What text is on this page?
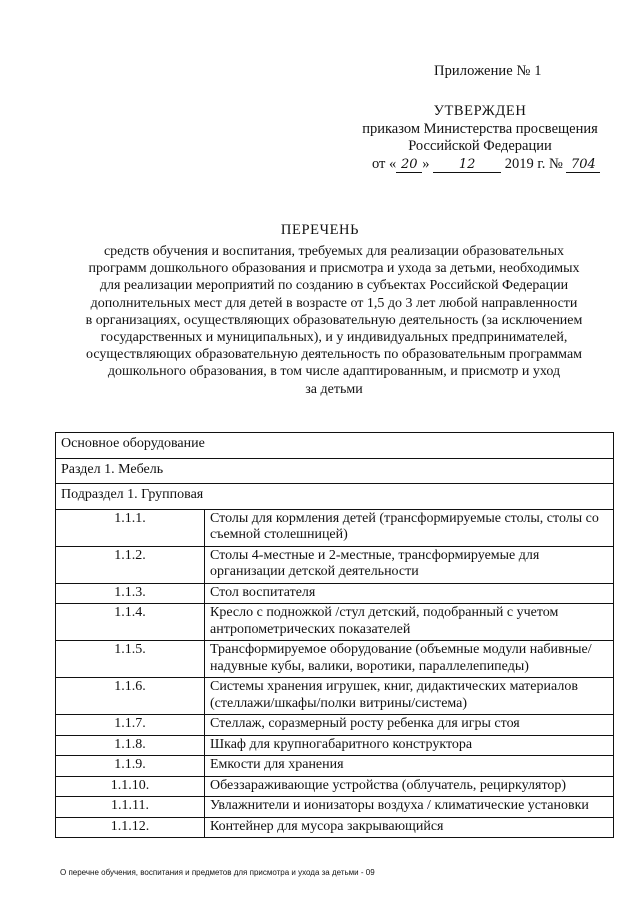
Приложение № 1
УТВЕРЖДЕН
приказом Министерства просвещения
Российской Федерации
от « 20 » 12 2019 г. № 704
ПЕРЕЧЕНЬ
средств обучения и воспитания, требуемых для реализации образовательных
программ дошкольного образования и присмотра и ухода за детьми, необходимых
для реализации мероприятий по созданию в субъектах Российской Федерации
дополнительных мест для детей в возрасте от 1,5 до 3 лет любой направленности
в организациях, осуществляющих образовательную деятельность (за исключением
государственных и муниципальных), и у индивидуальных предпринимателей,
осуществляющих образовательную деятельность по образовательным программам
дошкольного образования, в том числе адаптированным, и присмотр и уход
за детьми
Основное оборудование	
Раздел 1. Мебель	
Подраздел 1. Групповая	
1.1.1.	Столы для кормления детей (трансформируемые столы, столы со съемной столешницей)
1.1.2.	Столы 4-местные и 2-местные, трансформируемые для организации детской деятельности
1.1.3.	Стол воспитателя
1.1.4.	Кресло с подножкой /стул детский, подобранный с учетом антропометрических показателей
1.1.5.	Трансформируемое оборудование (объемные модули набивные/ надувные кубы, валики, воротики, параллелепипеды)
1.1.6.	Системы хранения игрушек, книг, дидактических материалов (стеллажи/шкафы/полки витрины/система)
1.1.7.	Стеллаж, соразмерный росту ребенка для игры стоя
1.1.8.	Шкаф для крупногабаритного конструктора
1.1.9.	Емкости для хранения
1.1.10.	Обеззараживающие устройства (облучатель, рециркулятор)
1.1.11.	Увлажнители и ионизаторы воздуха / климатические установки
1.1.12.	Контейнер для мусора закрывающийся
О перечне обучения, воспитания и предметов для присмотра и ухода за детьми - 09
